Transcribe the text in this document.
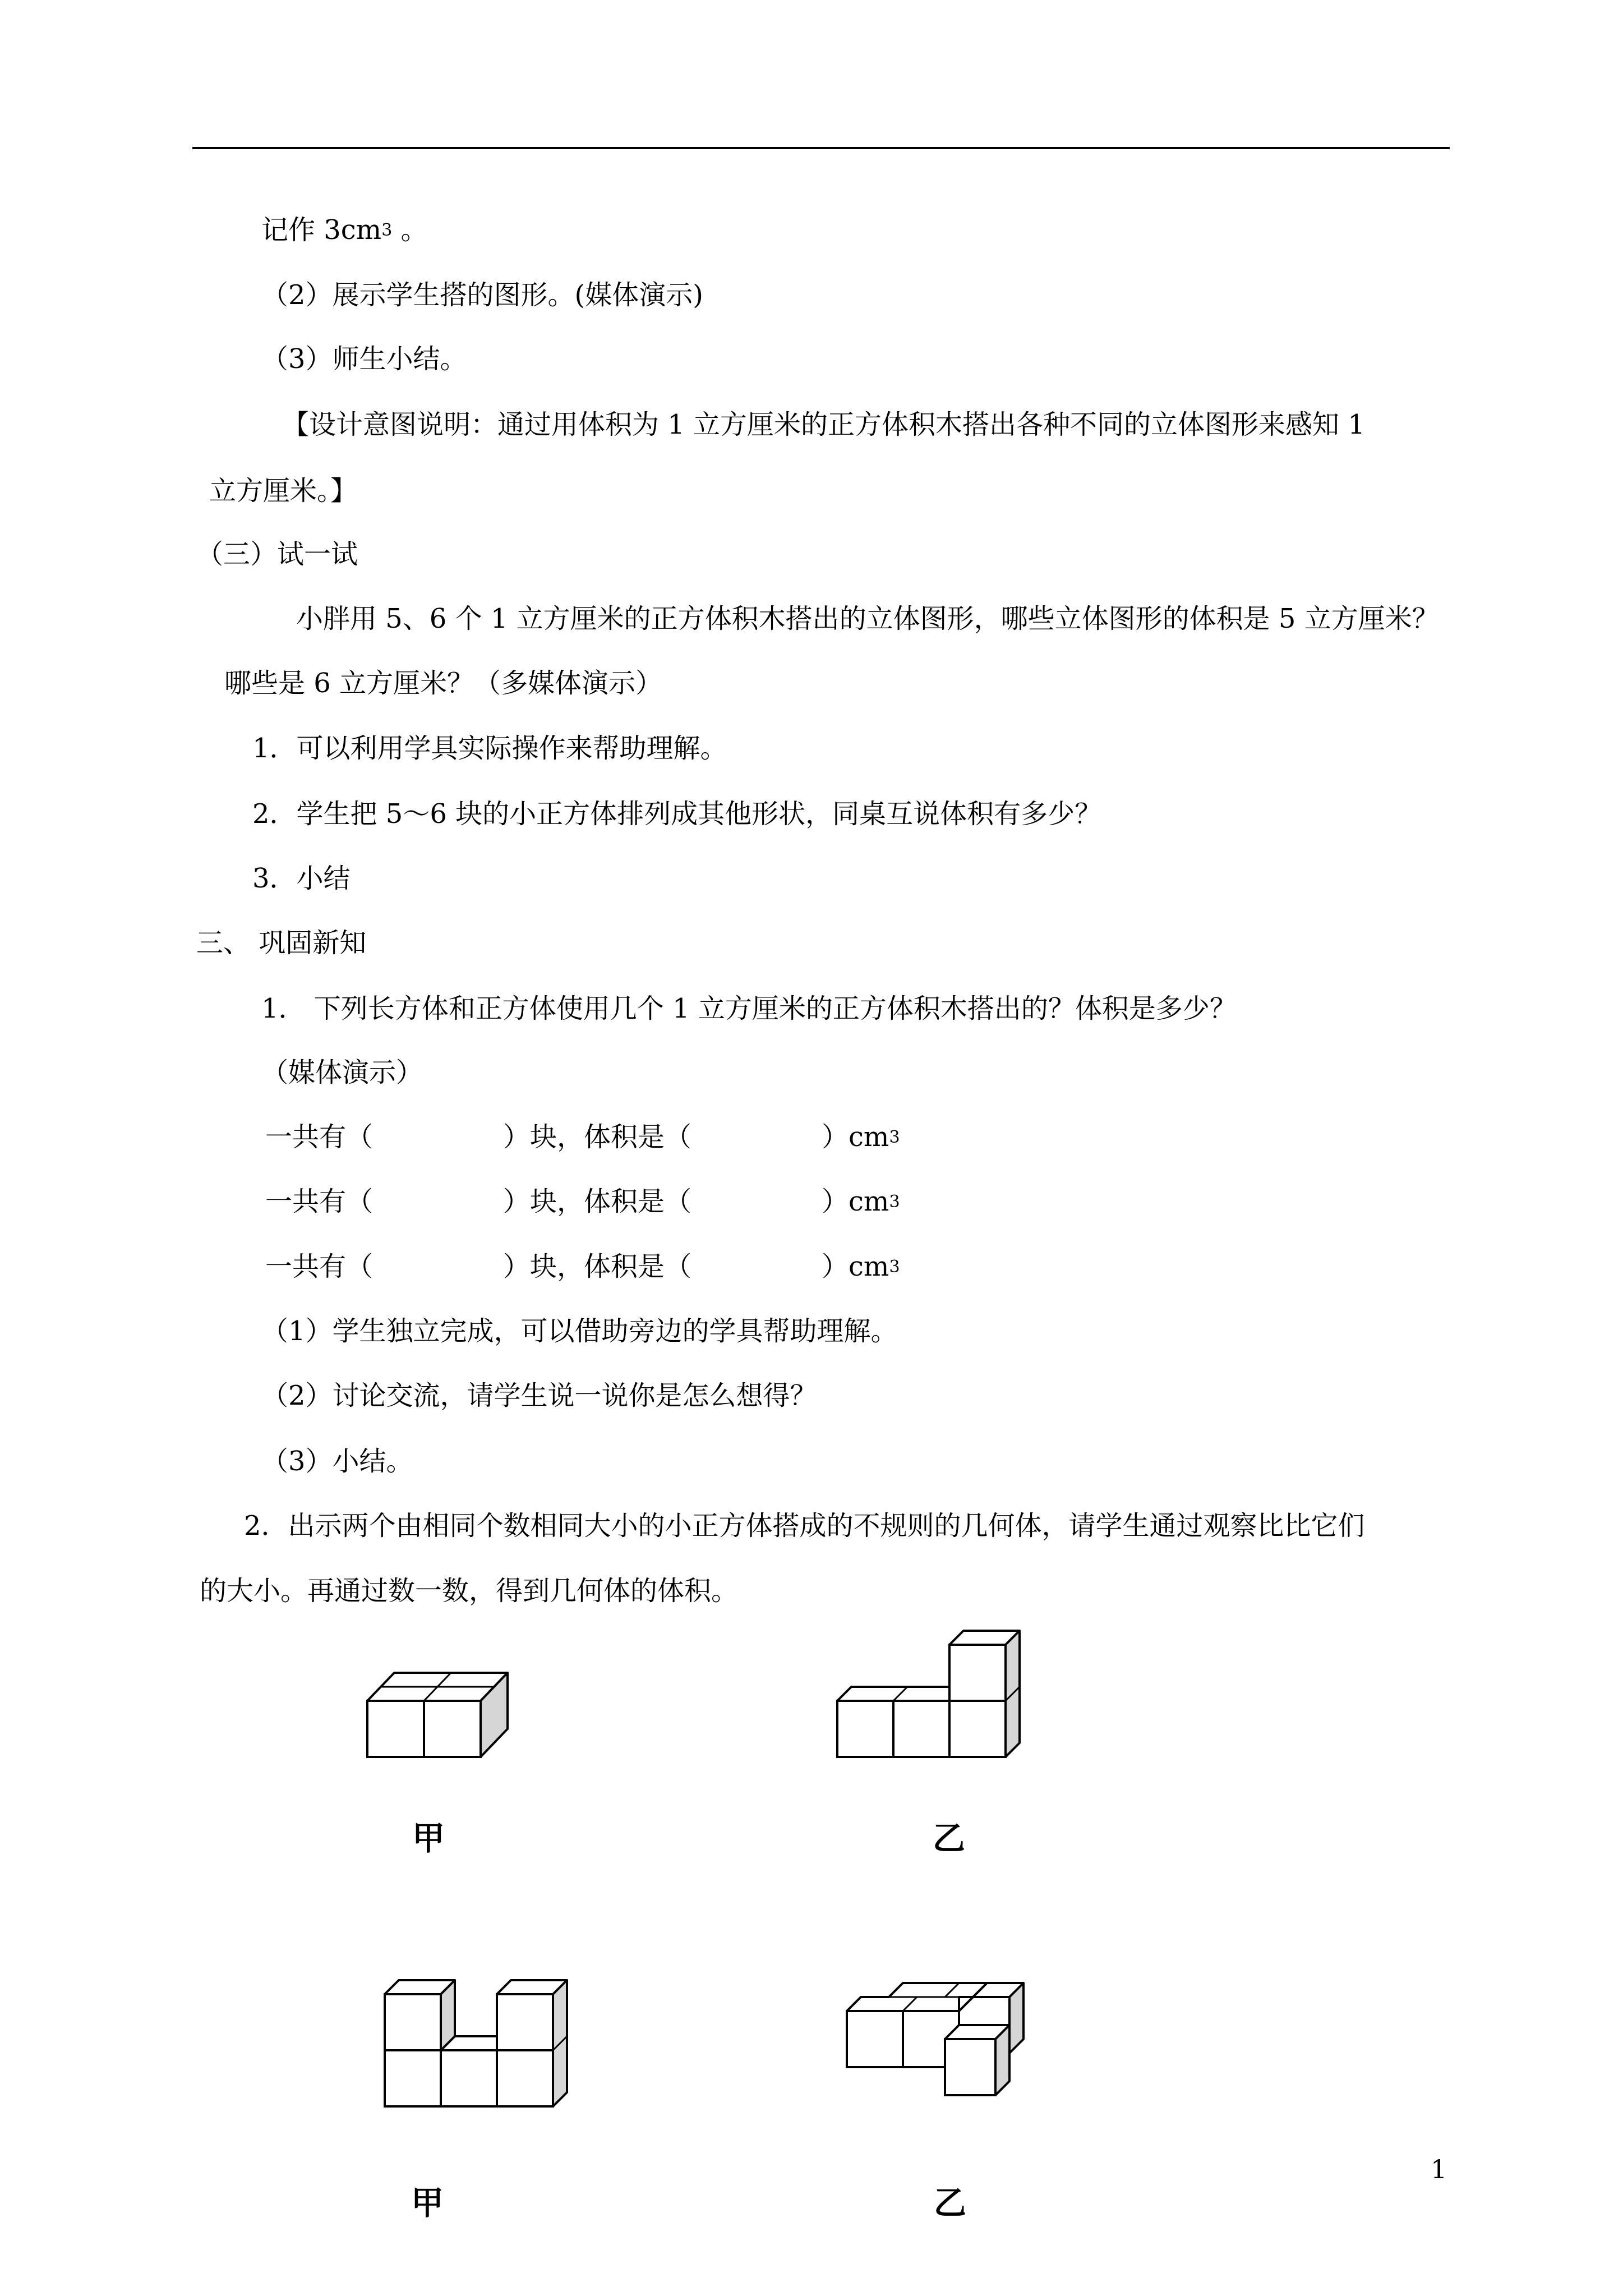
记作 $3cm^3$ 。
（2）展示学生搭的图形。(媒体演示)
（3）师生小结。
【设计意图说明：通过用体积为 1 立方厘米的正方体积木搭出各种不同的立体图形来感知 1
立方厘米。】
（三）试一试
小胖用 5、6 个 1 立方厘米的正方体积木搭出的立体图形，哪些立体图形的体积是 5 立方厘米？
哪些是 6 立方厘米？（多媒体演示）
1．可以利用学具实际操作来帮助理解。
2．学生把 5～6 块的小正方体排列成其他形状，同桌互说体积有多少？
3．小结
三、 巩固新知
1． 下列长方体和正方体使用几个 1 立方厘米的正方体积木搭出的？体积是多少？
（媒体演示）
一共有（	）块，体积是（	）$cm^3$
一共有（	）块，体积是（	）$cm^3$
一共有（	）块，体积是（	）$cm^3$
（1）学生独立完成，可以借助旁边的学具帮助理解。
（2）讨论交流，请学生说一说你是怎么想得？
（3）小结。
2．出示两个由相同个数相同大小的小正方体搭成的不规则的几何体，请学生通过观察比比它们
的大小。再通过数一数，得到几何体的体积。
甲	乙
甲	乙
1
